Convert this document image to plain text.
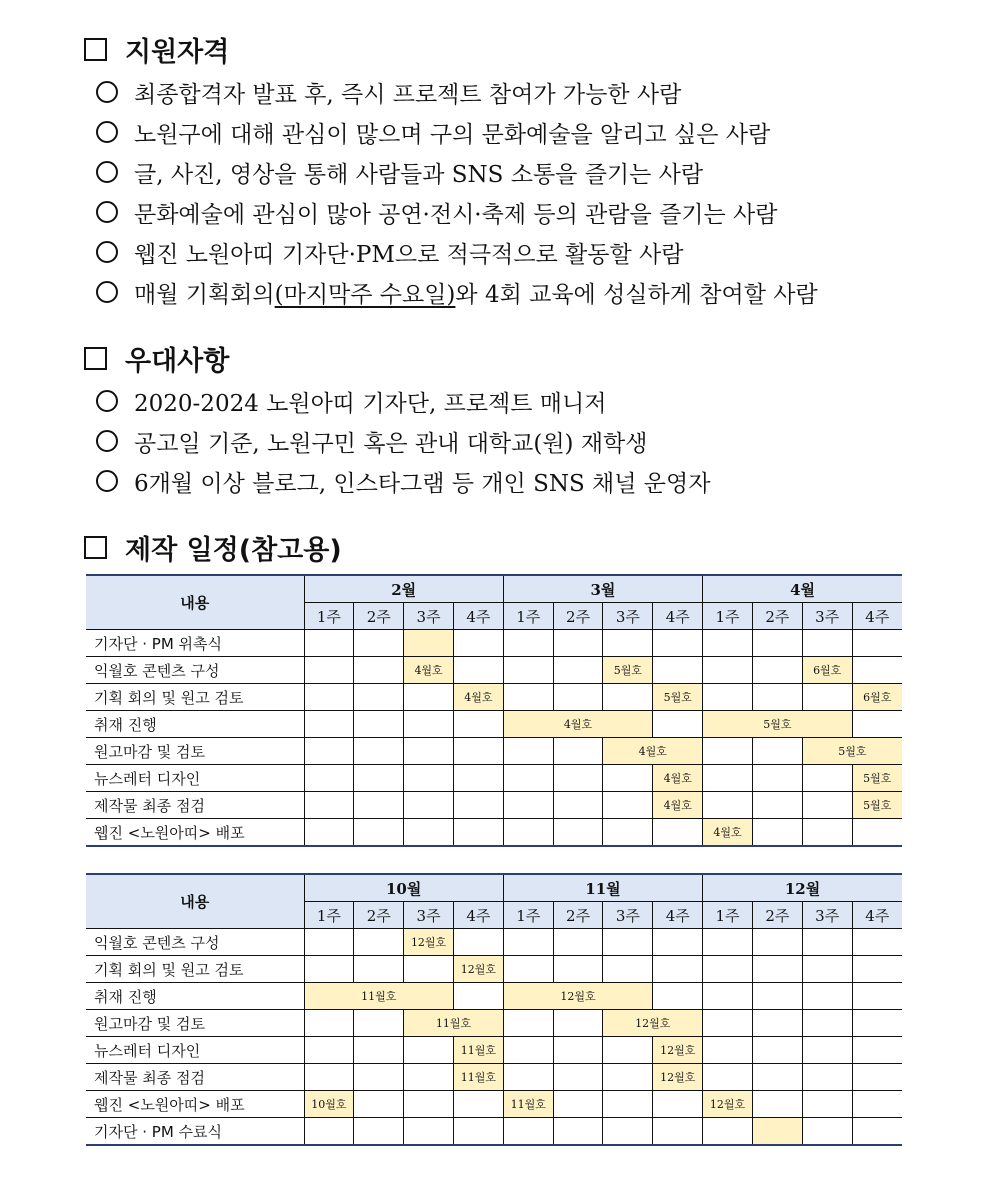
지원자격
최종합격자 발표 후, 즉시 프로젝트 참여가 가능한 사람
노원구에 대해 관심이 많으며 구의 문화예술을 알리고 싶은 사람
글, 사진, 영상을 통해 사람들과 SNS 소통을 즐기는 사람
문화예술에 관심이 많아 공연·전시·축제 등의 관람을 즐기는 사람
웹진 노원아띠 기자단·PM으로 적극적으로 활동할 사람
매월 기획회의 (마지막주 수요일) 와 4회 교육에 성실하게 참여할 사람
우대사항
2020-2024 노원아띠 기자단, 프로젝트 매니저
공고일 기준, 노원구민 혹은 관내 대학교(원) 재학생
6개월 이상 블로그, 인스타그램 등 개인 SNS 채널 운영자
제작 일정(참고용)
내용	2월				3월				4월			
	1주	2주	3주	4주	1주	2주	3주	4주	1주	2주	3주	4주
기자단 · PM 위촉식												
익월호 콘텐츠 구성			4월호				5월호				6월호	
기획 회의 및 원고 검토				4월호				5월호				6월호
취재 진행					4월호				5월호			
원고마감 및 검토							4월호				5월호	
뉴스레터 디자인								4월호				5월호
제작물 최종 점검								4월호				5월호
웹진 <노원아띠> 배포									4월호			
내용	10월				11월				12월			
	1주	2주	3주	4주	1주	2주	3주	4주	1주	2주	3주	4주
익월호 콘텐츠 구성			12월호									
기획 회의 및 원고 검토				12월호								
취재 진행	11월호				12월호							
원고마감 및 검토			11월호				12월호					
뉴스레터 디자인				11월호				12월호				
제작물 최종 점검				11월호				12월호				
웹진 <노원아띠> 배포	10월호				11월호				12월호			
기자단 · PM 수료식												
